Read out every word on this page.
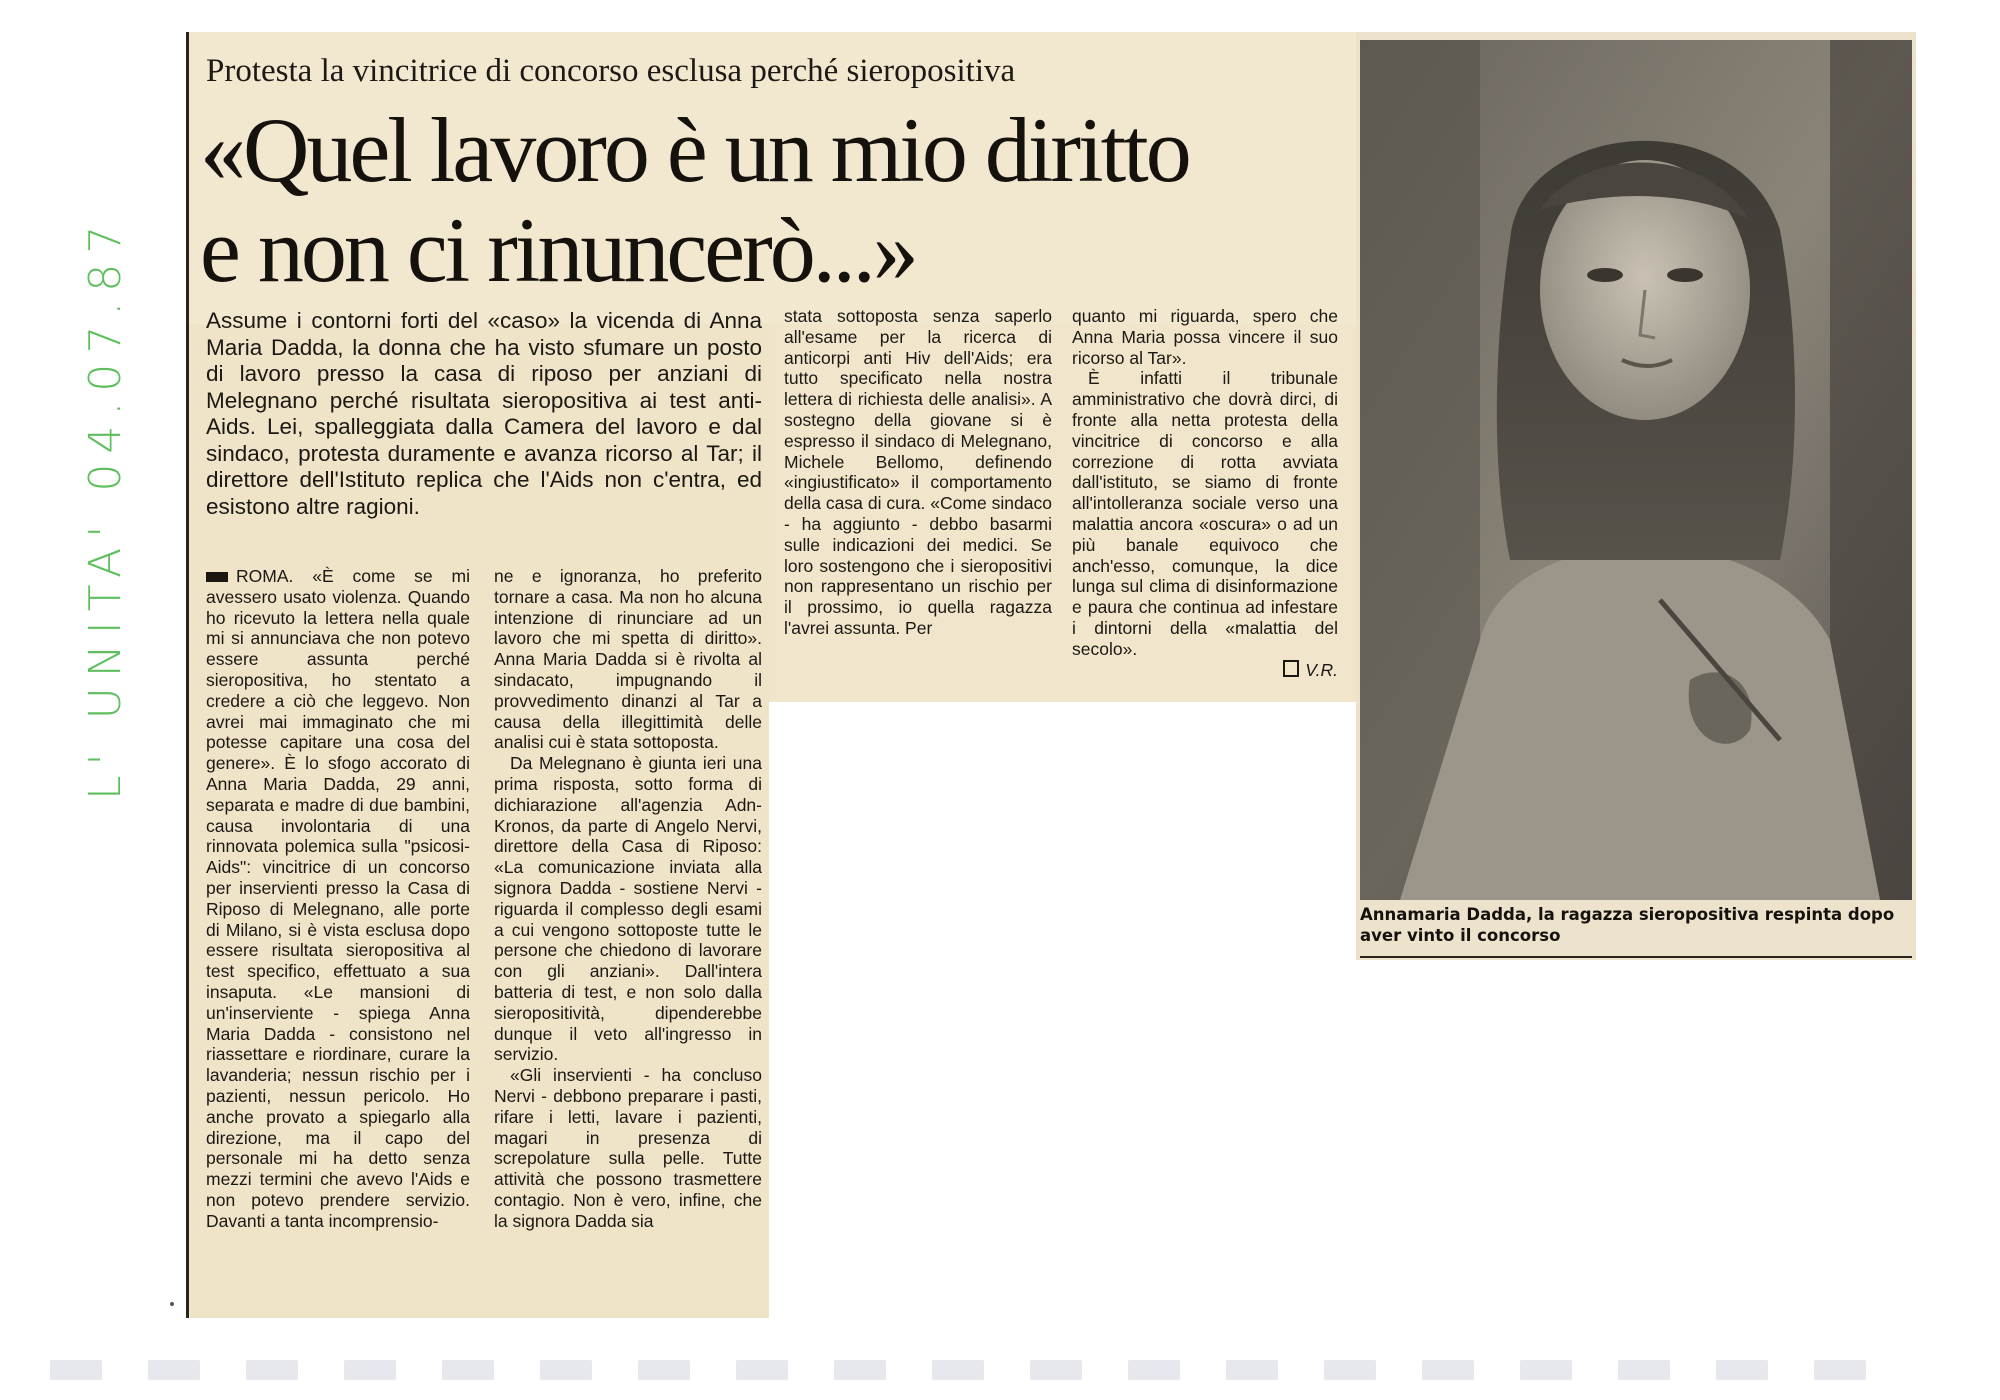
L' UNITA' 04.07.87
Protesta la vincitrice di concorso esclusa perché sieropositiva
«Quel lavoro è un mio diritto
e non ci rinuncerò...»
Assume i contorni forti del «caso» la vicenda di Anna Maria Dadda, la donna che ha visto sfumare un posto di lavoro presso la casa di riposo per anziani di Melegnano perché risultata sieropositiva ai test anti-Aids. Lei, spalleggiata dalla Camera del lavoro e dal sindaco, protesta duramente e avanza ricorso al Tar; il direttore dell'Istituto replica che l'Aids non c'entra, ed esistono altre ragioni.

ROMA. «È come se mi avessero usato violenza. Quando ho ricevuto la lettera nella quale mi si annunciava che non potevo essere assunta perché sieropositiva, ho stentato a credere a ciò che leggevo. Non avrei mai immaginato che mi potesse capitare una cosa del genere». È lo sfogo accorato di Anna Maria Dadda, 29 anni, separata e madre di due bambini, causa involontaria di una rinnovata polemica sulla "psicosi-Aids": vincitrice di un concorso per inservienti presso la Casa di Riposo di Melegnano, alle porte di Milano, si è vista esclusa dopo essere risultata sieropositiva al test specifico, effettuato a sua insaputa. «Le mansioni di un'inserviente - spiega Anna Maria Dadda - consistono nel riassettare e riordinare, curare la lavanderia; nessun rischio per i pazienti, nessun pericolo. Ho anche provato a spiegarlo alla direzione, ma il capo del personale mi ha detto senza mezzi termini che avevo l'Aids e non potevo prendere servizio. Davanti a tanta incomprensio-

ne e ignoranza, ho preferito tornare a casa. Ma non ho alcuna intenzione di rinunciare ad un lavoro che mi spetta di diritto». Anna Maria Dadda si è rivolta al sindacato, impugnando il provvedimento dinanzi al Tar a causa della illegittimità delle analisi cui è stata sottoposta.

Da Melegnano è giunta ieri una prima risposta, sotto forma di dichiarazione all'agenzia Adn-Kronos, da parte di Angelo Nervi, direttore della Casa di Riposo: «La comunicazione inviata alla signora Dadda - sostiene Nervi - riguarda il complesso degli esami a cui vengono sottoposte tutte le persone che chiedono di lavorare con gli anziani». Dall'intera batteria di test, e non solo dalla sieropositività, dipenderebbe dunque il veto all'ingresso in servizio.

«Gli inservienti - ha concluso Nervi - debbono preparare i pasti, rifare i letti, lavare i pazienti, magari in presenza di screpolature sulla pelle. Tutte attività che possono trasmettere contagio. Non è vero, infine, che la signora Dadda sia

stata sottoposta senza saperlo all'esame per la ricerca di anticorpi anti Hiv dell'Aids; era tutto specificato nella nostra lettera di richiesta delle analisi». A sostegno della giovane si è espresso il sindaco di Melegnano, Michele Bellomo, definendo «ingiustificato» il comportamento della casa di cura. «Come sindaco - ha aggiunto - debbo basarmi sulle indicazioni dei medici. Se loro sostengono che i sieropositivi non rappresentano un rischio per il prossimo, io quella ragazza l'avrei assunta. Per

quanto mi riguarda, spero che Anna Maria possa vincere il suo ricorso al Tar».

È infatti il tribunale amministrativo che dovrà dirci, di fronte alla netta protesta della vincitrice di concorso e alla correzione di rotta avviata dall'istituto, se siamo di fronte all'intolleranza sociale verso una malattia ancora «oscura» o ad un più banale equivoco che anch'esso, comunque, la dice lunga sul clima di disinformazione e paura che continua ad infestare i dintorni della «malattia del secolo».

V.R.

Annamaria Dadda, la ragazza sieropositiva respinta dopo aver vinto il concorso
